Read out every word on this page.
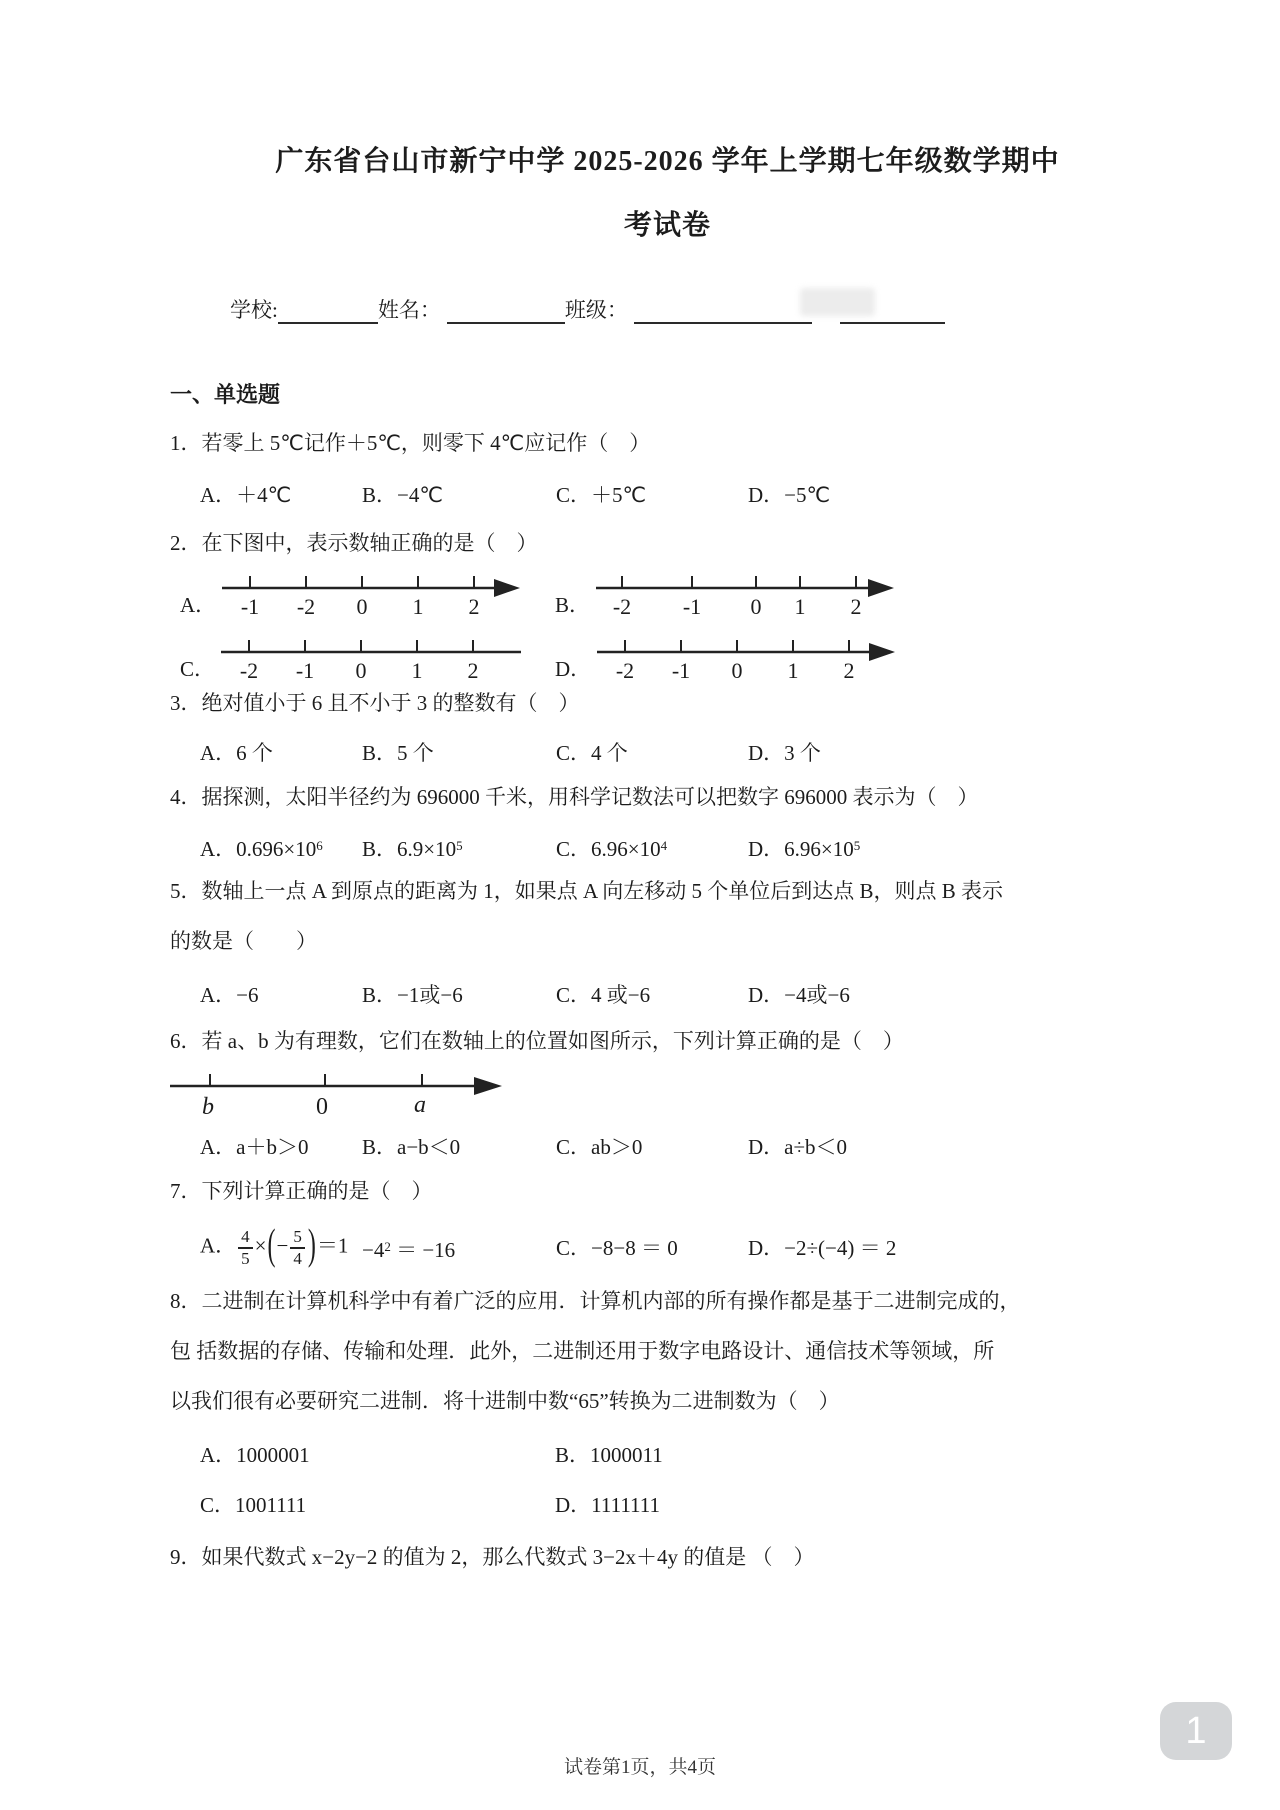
广东省台山市新宁中学 2025-2026 学年上学期七年级数学期中
考试卷
学校:	姓名：	班级：
一、单选题
1．若零上 5℃记作＋5℃，则零下 4℃应记作（　）
A．＋4℃	B．−4℃	C．＋5℃	D．−5℃
2．在下图中，表示数轴正确的是（　）
A． -1 -2 0 1 2	B． -2 -1 0 1 2
C． -2 -1 0 1 2	D． -2 -1 0 1 2
3．绝对值小于 6 且不小于 3 的整数有（　）
A．6 个	B．5 个	C．4 个	D．3 个
4．据探测，太阳半径约为 696000 千米，用科学记数法可以把数字 696000 表示为（　）
A．$0.696\times 10^6$	B．$6.9\times 10^5$	C．$6.96\times 10^4$	D．$6.96\times 10^5$
5．数轴上一点 A 到原点的距离为 1，如果点 A 向左移动 5 个单位后到达点 B，则点 B 表示
的数是（　　）
A．−6	B．−1或−6	C．4 或−6	D．−4或−6
6．若 a、b 为有理数，它们在数轴上的位置如图所示，下列计算正确的是（　）
b	0	a
A．a＋b＞0	B．a−b＜0	C．ab＞0	D．a÷b＜0
7．下列计算正确的是（　）
A． $\frac{4}{5}$ ×(− $\frac{5}{4} )=1 -4^2 = -16$	C．−8−8 ＝ 0	D．−2÷(−4) ＝ 2
8．二进制在计算机科学中有着广泛的应用．计算机内部的所有操作都是基于二进制完成的，
包 括数据的存储、传输和处理．此外，二进制还用于数字电路设计、通信技术等领域，所
以我们很有必要研究二进制．将十进制中数“65”转换为二进制数为（　）
A．1000001	B．1000011
C．1001111	D．1111111
9．如果代数式 x−2y−2 的值为 2，那么代数式 3−2x＋4y 的值是 （　）
试卷第1页，共4页
1
